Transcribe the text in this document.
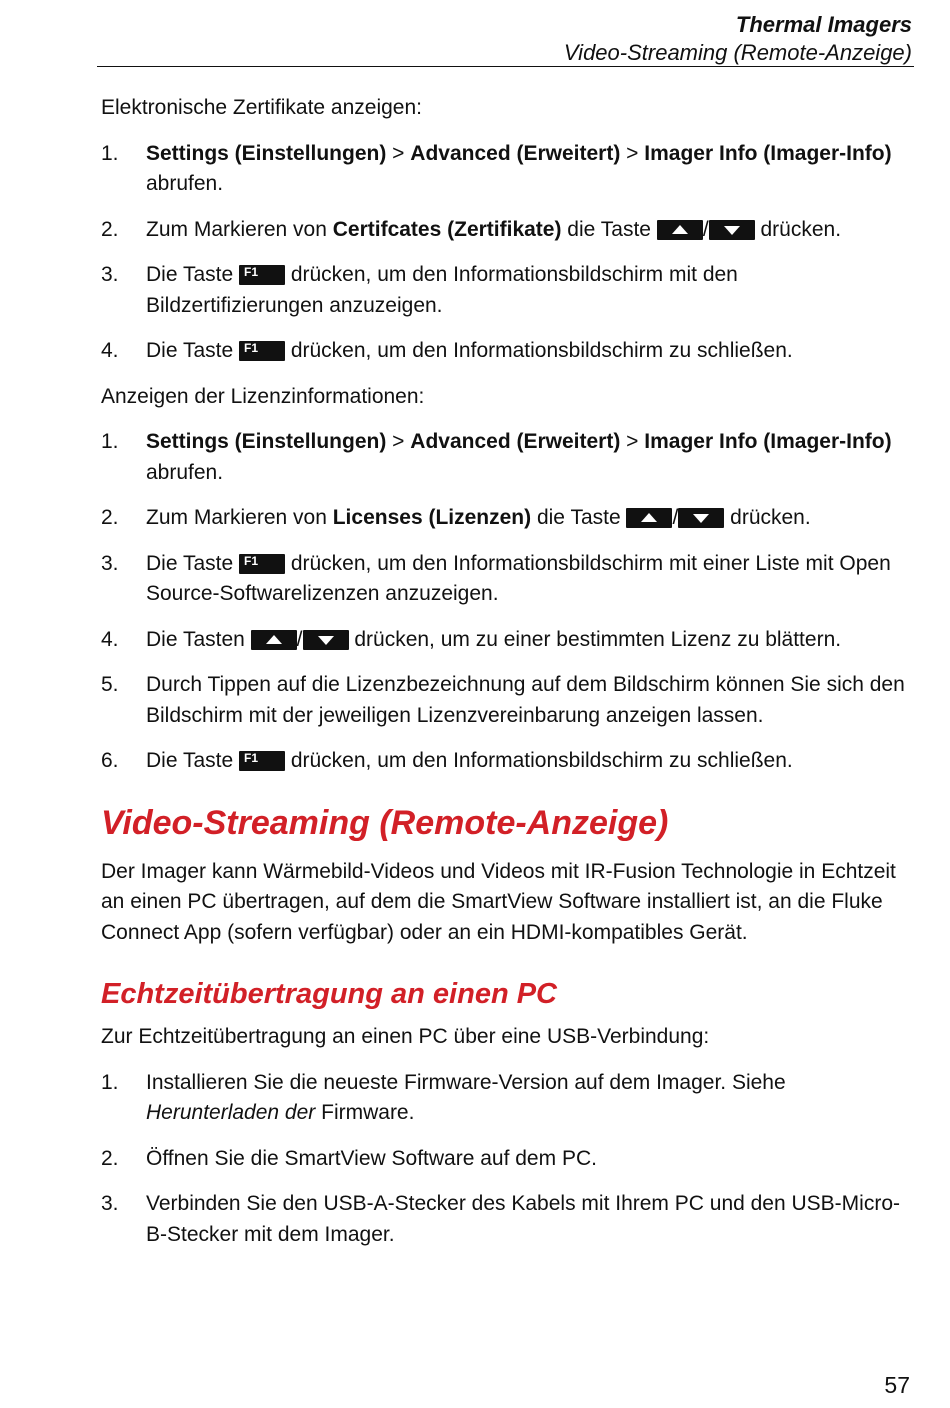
Thermal Imagers
Video-Streaming (Remote-Anzeige)

Elektronische Zertifikate anzeigen:

1. Settings (Einstellungen) > Advanced (Erweitert) > Imager Info (Imager-Info) abrufen.
2. Zum Markieren von Certifcates (Zertifikate) die Taste
/
drücken.
3. Die Taste F1 drücken, um den Informationsbildschirm mit den Bildzertifizierungen anzuzeigen.
4. Die Taste F1 drücken, um den Informationsbildschirm zu schließen.

Anzeigen der Lizenzinformationen:

1. Settings (Einstellungen) > Advanced (Erweitert) > Imager Info (Imager-Info) abrufen.
2. Zum Markieren von Licenses (Lizenzen) die Taste
/
drücken.
3. Die Taste F1 drücken, um den Informationsbildschirm mit einer Liste mit Open Source-Softwarelizenzen anzuzeigen.
4. Die Tasten
/
drücken, um zu einer bestimmten Lizenz zu blättern.
5. Durch Tippen auf die Lizenzbezeichnung auf dem Bildschirm können Sie sich den Bildschirm mit der jeweiligen Lizenzvereinbarung anzeigen lassen.
6. Die Taste F1 drücken, um den Informationsbildschirm zu schließen.
Video-Streaming (Remote-Anzeige)

Der Imager kann Wärmebild-Videos und Videos mit IR-Fusion Technologie in Echtzeit an einen PC übertragen, auf dem die SmartView Software installiert ist, an die Fluke Connect App (sofern verfügbar) oder an ein HDMI-kompatibles Gerät.

Echtzeitübertragung an einen PC

Zur Echtzeitübertragung an einen PC über eine USB-Verbindung:

1. Installieren Sie die neueste Firmware-Version auf dem Imager. Siehe Herunterladen der Firmware.
2. Öffnen Sie die SmartView Software auf dem PC.
3. Verbinden Sie den USB-A-Stecker des Kabels mit Ihrem PC und den USB-Micro-B-Stecker mit dem Imager.
57
